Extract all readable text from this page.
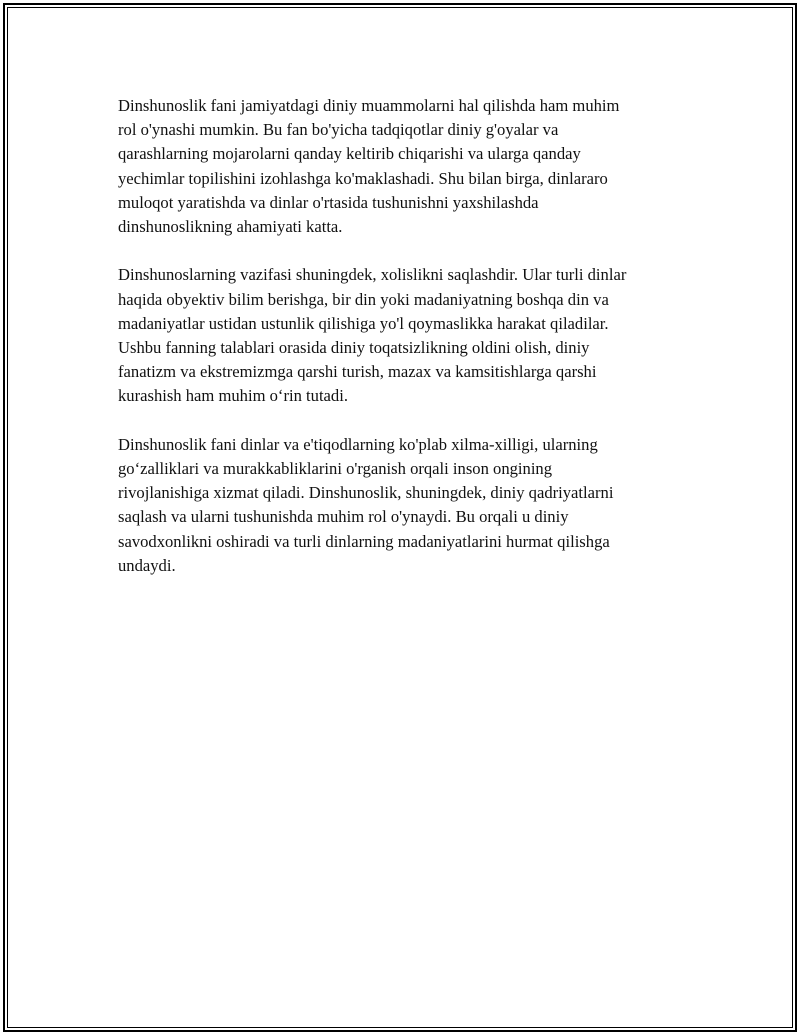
Dinshunoslik fani jamiyatdagi diniy muammolarni hal qilishda ham muhim
rol o'ynashi mumkin. Bu fan bo'yicha tadqiqotlar diniy g'oyalar va
qarashlarning mojarolarni qanday keltirib chiqarishi va ularga qanday
yechimlar topilishini izohlashga ko'maklashadi. Shu bilan birga, dinlararo
muloqot yaratishda va dinlar o'rtasida tushunishni yaxshilashda
dinshunoslikning ahamiyati katta.

Dinshunoslarning vazifasi shuningdek, xolislikni saqlashdir. Ular turli dinlar
haqida obyektiv bilim berishga, bir din yoki madaniyatning boshqa din va
madaniyatlar ustidan ustunlik qilishiga yo'l qoymaslikka harakat qiladilar.
Ushbu fanning talablari orasida diniy toqatsizlikning oldini olish, diniy
fanatizm va ekstremizmga qarshi turish, mazax va kamsitishlarga qarshi
kurashish ham muhim o‘rin tutadi.

Dinshunoslik fani dinlar va e'tiqodlarning ko'plab xilma-xilligi, ularning
go‘zalliklari va murakkabliklarini o'rganish orqali inson ongining
rivojlanishiga xizmat qiladi. Dinshunoslik, shuningdek, diniy qadriyatlarni
saqlash va ularni tushunishda muhim rol o'ynaydi. Bu orqali u diniy
savodxonlikni oshiradi va turli dinlarning madaniyatlarini hurmat qilishga
undaydi.
